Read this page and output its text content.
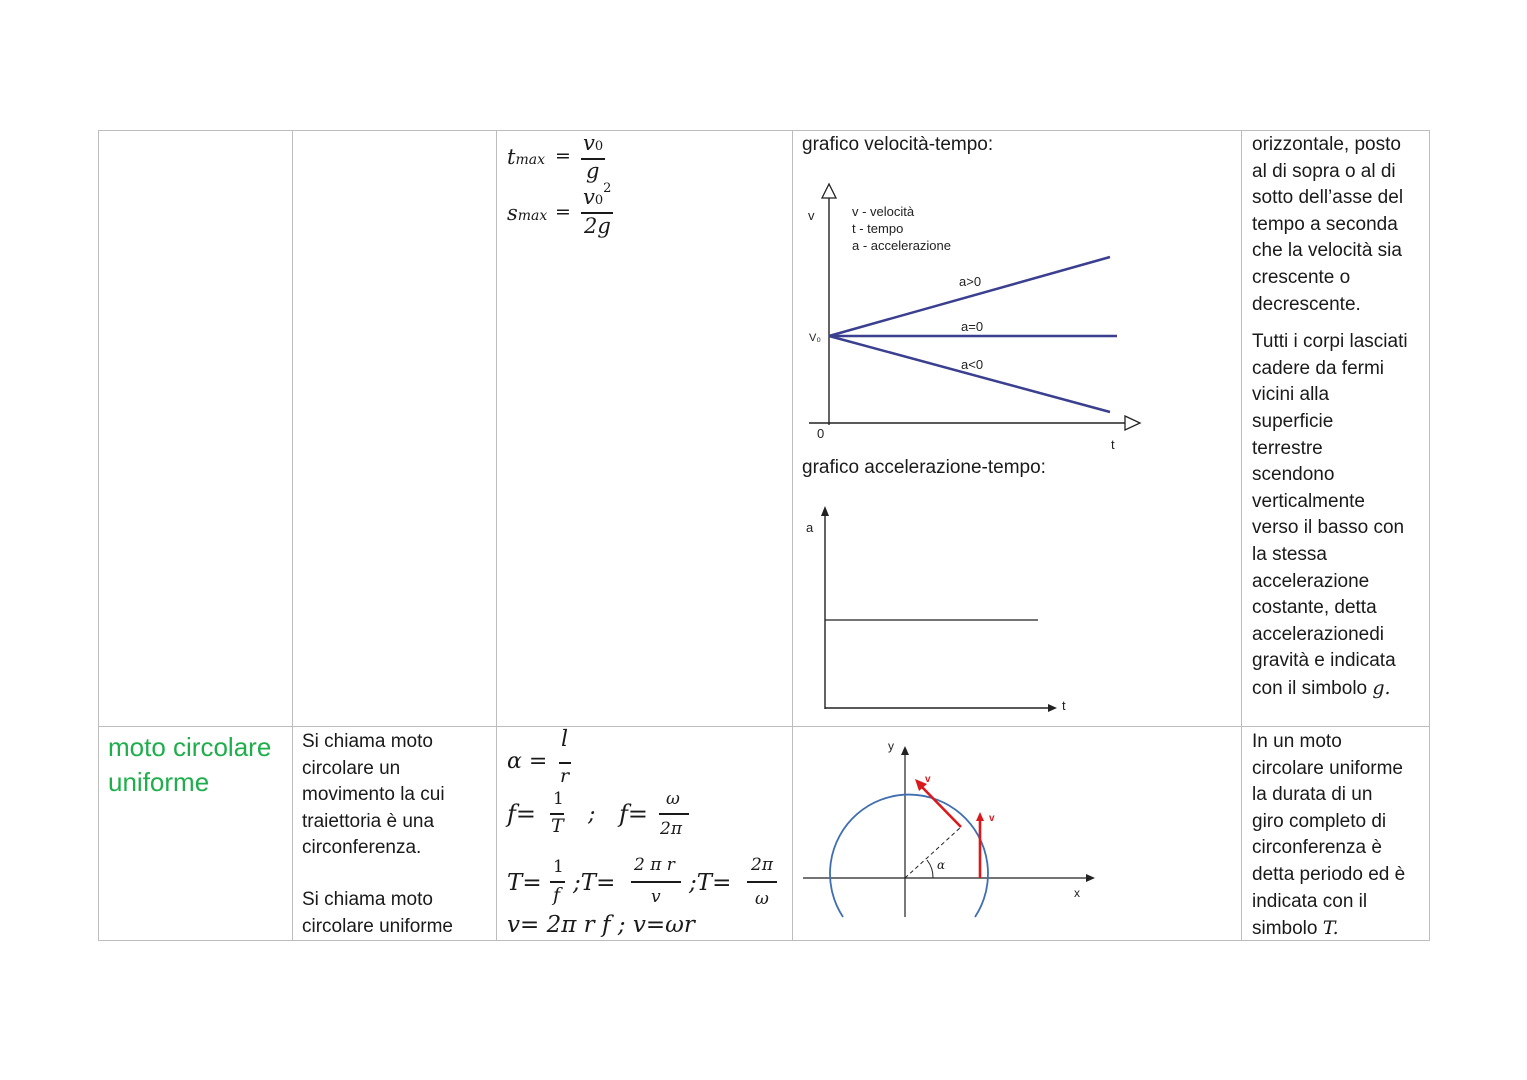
tmax =
v0
g
smax =
$v0^2$
2g
grafico velocità-tempo:
v
t
0
V₀
v - velocità
t - tempo
a - accelerazione
a>0
a=0
a<0
grafico accelerazione-tempo:
a
t

orizzontale, posto

al di sopra o al di

sotto dell’asse del

tempo a seconda

che la velocità sia

crescente o

decrescente.

Tutti i corpi lasciati

cadere da fermi

vicini alla

superficie

terrestre

scendono

verticalmente

verso il basso con

la stessa

accelerazione

costante, detta

accelerazionedi

gravità e indicata

con il simbolo g.

moto circolare

uniforme

Si chiama moto

circolare un

movimento la cui

traiettoria è una

circonferenza.

Si chiama moto

circolare uniforme

α =
l
r
f=
1
T ; f=
ω
2π
T=
1
f ;T=
2 π r
v
;T=
2π
ω
v= 2π r f ; v=ωr
y
x
α
v
v

In un moto

circolare uniforme

la durata di un

giro completo di

circonferenza è

detta periodo ed è

indicata con il

simbolo T.
